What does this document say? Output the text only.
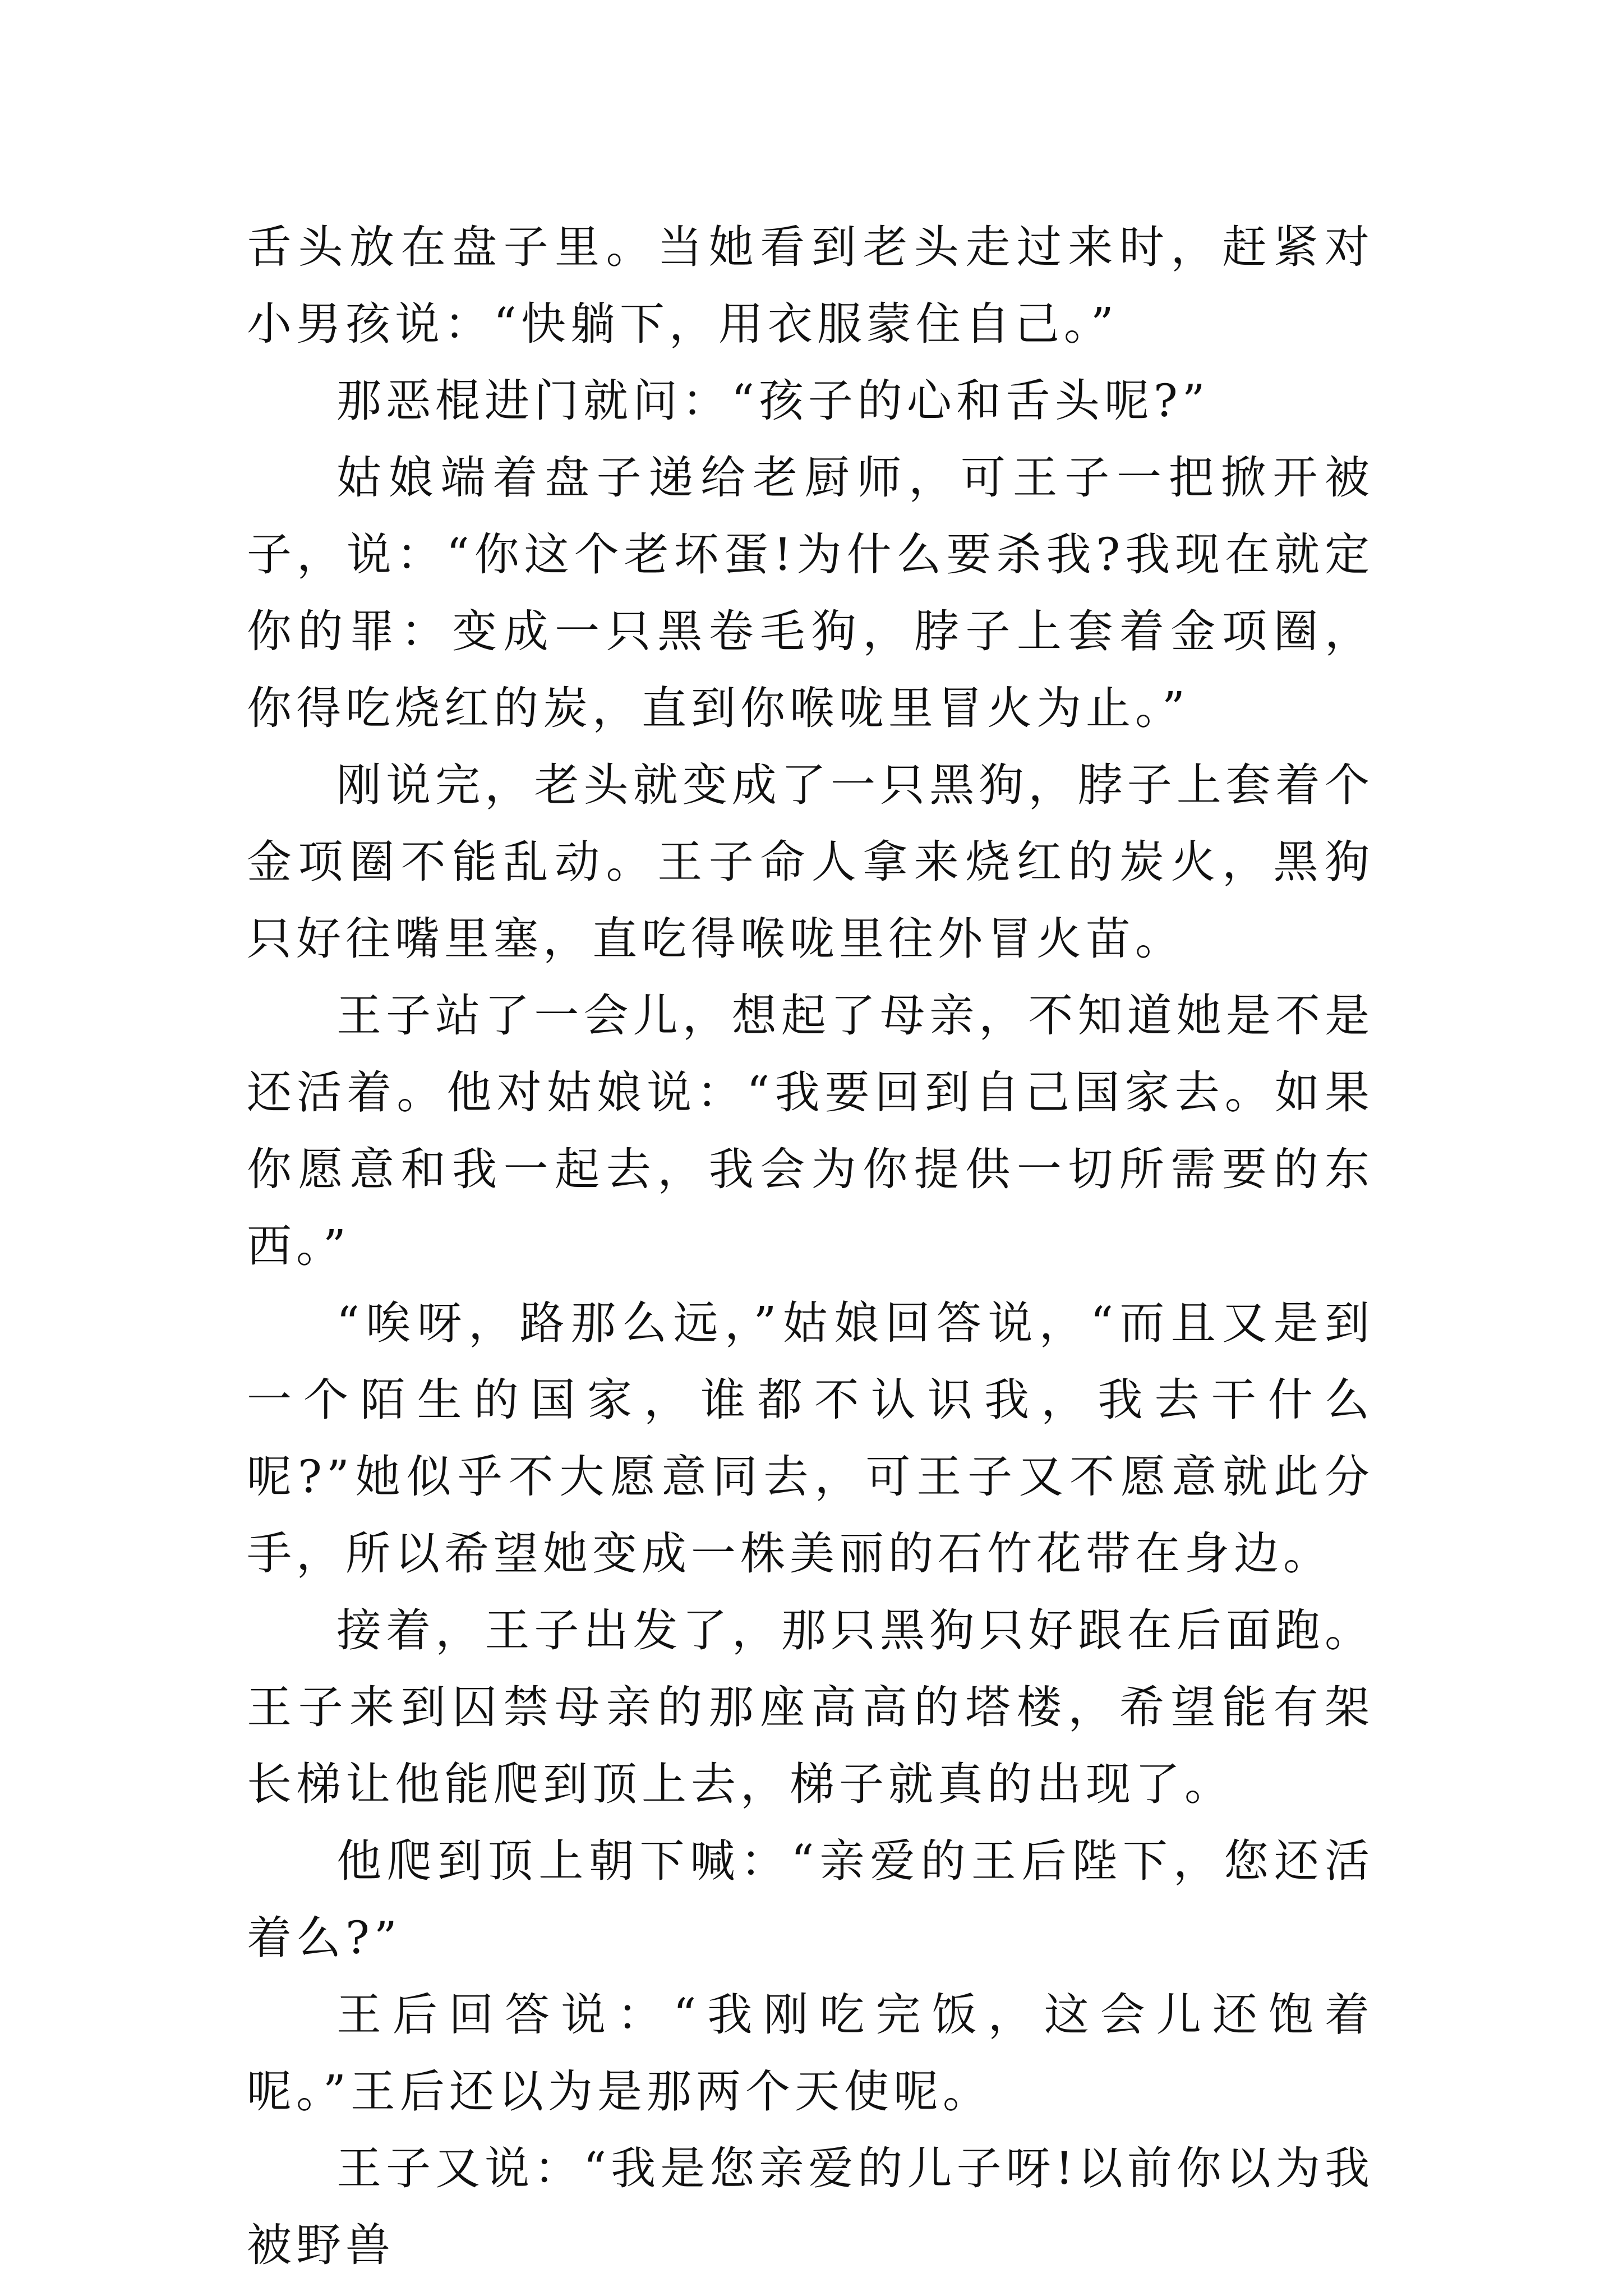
舌头放在盘子里。当她看到老头走过来时，赶紧对小男孩说：“快躺下，用衣服蒙住自己。”

那恶棍进门就问：“孩子的心和舌头呢?”

姑娘端着盘子递给老厨师，可王子一把掀开被子，说：“你这个老坏蛋!为什么要杀我?我现在就定你的罪：变成一只黑卷毛狗，脖子上套着金项圈，你得吃烧红的炭，直到你喉咙里冒火为止。”

刚说完，老头就变成了一只黑狗，脖子上套着个金项圈不能乱动。王子命人拿来烧红的炭火，黑狗只好往嘴里塞，直吃得喉咙里往外冒火苗。

王子站了一会儿，想起了母亲，不知道她是不是还活着。他对姑娘说：“我要回到自己国家去。如果你愿意和我一起去，我会为你提供一切所需要的东西。”

“唉呀，路那么远，”姑娘回答说，“而且又是到一个陌生的国家，谁都不认识我，我去干什么呢?”她似乎不大愿意同去，可王子又不愿意就此分手，所以希望她变成一株美丽的石竹花带在身边。

接着，王子出发了，那只黑狗只好跟在后面跑。王子来到囚禁母亲的那座高高的塔楼，希望能有架长梯让他能爬到顶上去，梯子就真的出现了。

他爬到顶上朝下喊：“亲爱的王后陛下，您还活着么?”

王后回答说：“我刚吃完饭，这会儿还饱着呢。”王后还以为是那两个天使呢。

王子又说：“我是您亲爱的儿子呀!以前你以为我被野兽
